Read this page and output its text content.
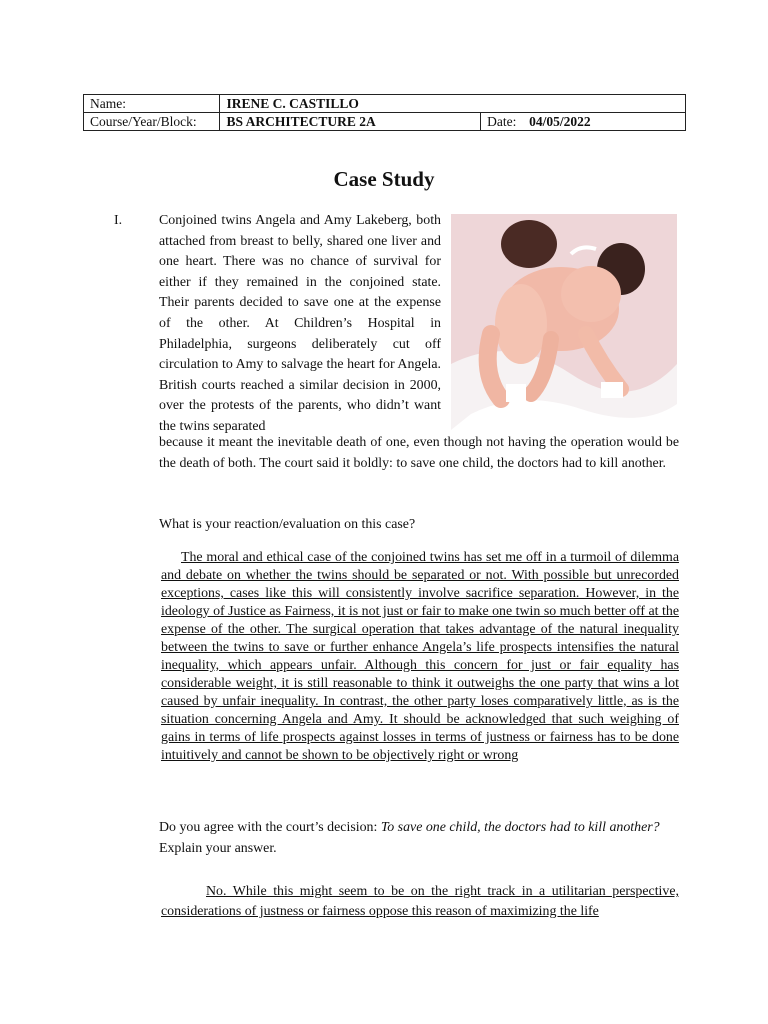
Name:	IRENE C. CASTILLO	
Course/Year/Block:	BS ARCHITECTURE 2A	Date: 04/05/2022
Case Study
I.	Conjoined twins Angela and Amy Lakeberg, both attached from breast to belly, shared one liver and one heart. There was no chance of survival for either if they remained in the conjoined state. Their parents decided to save one at the expense of the other. At Children’s Hospital in Philadelphia, surgeons deliberately cut off circulation to Amy to salvage the heart for Angela. British courts reached a similar decision in 2000, over the protests of the parents, who didn’t want the twins separated

because it meant the inevitable death of one, even though not having the operation would be the death of both. The court said it boldly: to save one child, the doctors had to kill another.

What is your reaction/evaluation on this case?

The moral and ethical case of the conjoined twins has set me off in a turmoil of dilemma and debate on whether the twins should be separated or not. With possible but unrecorded exceptions, cases like this will consistently involve sacrifice separation. However, in the ideology of Justice as Fairness, it is not just or fair to make one twin so much better off at the expense of the other. The surgical operation that takes advantage of the natural inequality between the twins to save or further enhance Angela’s life prospects intensifies the natural inequality, which appears unfair. Although this concern for just or fair equality has considerable weight, it is still reasonable to think it outweighs the one party that wins a lot caused by unfair inequality. In contrast, the other party loses comparatively little, as is the situation concerning Angela and Amy. It should be acknowledged that such weighing of gains in terms of life prospects against losses in terms of justness or fairness has to be done intuitively and cannot be shown to be objectively right or wrong

Do you agree with the court’s decision: To save one child, the doctors had to kill another? Explain your answer.

No. While this might seem to be on the right track in a utilitarian perspective, considerations of justness or fairness oppose this reason of maximizing the life
